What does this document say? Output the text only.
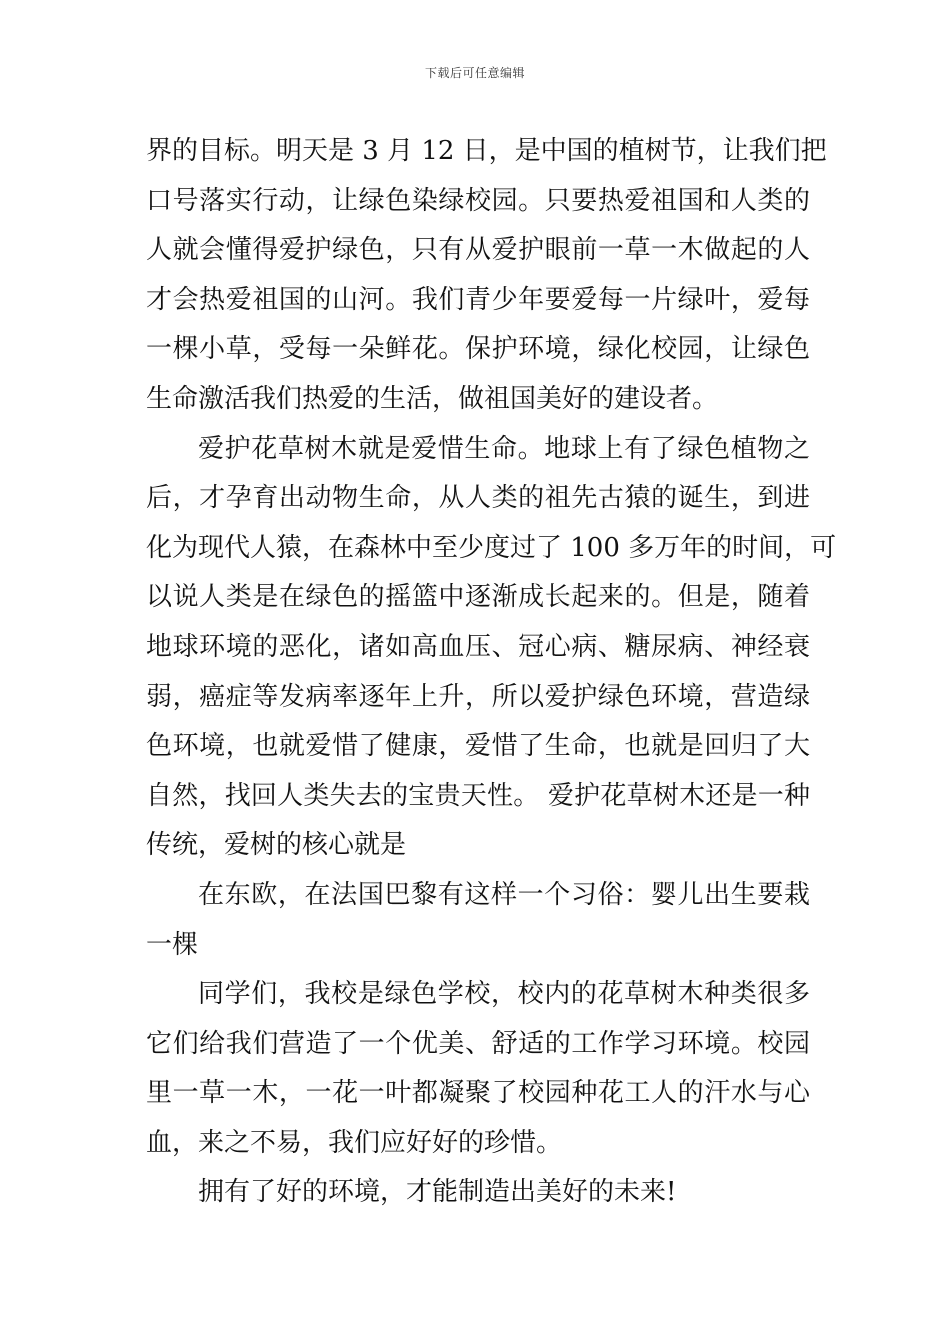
下载后可任意编辑
界的目标。明天是 3 月 12 日，是中国的植树节，让我们把
口号落实行动，让绿色染绿校园。只要热爱祖国和人类的
人就会懂得爱护绿色，只有从爱护眼前一草一木做起的人
才会热爱祖国的山河。我们青少年要爱每一片绿叶，爱每
一棵小草，受每一朵鲜花。保护环境，绿化校园，让绿色
生命激活我们热爱的生活，做祖国美好的建设者。
爱护花草树木就是爱惜生命。地球上有了绿色植物之
后，才孕育出动物生命，从人类的祖先古猿的诞生，到进
化为现代人猿，在森林中至少度过了 100 多万年的时间，可
以说人类是在绿色的摇篮中逐渐成长起来的。但是，随着
地球环境的恶化，诸如高血压、冠心病、糖尿病、神经衰
弱，癌症等发病率逐年上升，所以爱护绿色环境，营造绿
色环境，也就爱惜了健康，爱惜了生命，也就是回归了大
自然，找回人类失去的宝贵天性。 爱护花草树木还是一种
传统，爱树的核心就是
在东欧，在法国巴黎有这样一个习俗：婴儿出生要栽
一棵
同学们，我校是绿色学校，校内的花草树木种类很多
它们给我们营造了一个优美、舒适的工作学习环境。校园
里一草一木，一花一叶都凝聚了校园种花工人的汗水与心
血，来之不易，我们应好好的珍惜。
拥有了好的环境，才能制造出美好的未来!
